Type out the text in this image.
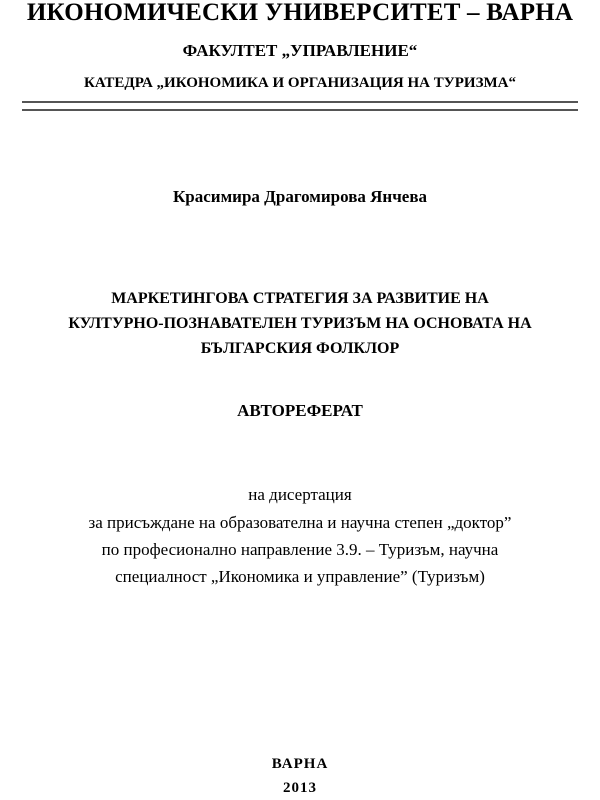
ИКОНОМИЧЕСКИ УНИВЕРСИТЕТ – ВАРНА
ФАКУЛТЕТ „УПРАВЛЕНИЕ“
КАТЕДРА „ИКОНОМИКА И ОРГАНИЗАЦИЯ НА ТУРИЗМА“
Красимира Драгомирова Янчева
МАРКЕТИНГОВА СТРАТЕГИЯ ЗА РАЗВИТИЕ НА
КУЛТУРНО-ПОЗНАВАТЕЛЕН ТУРИЗЪМ НА ОСНОВАТА НА
БЪЛГАРСКИЯ ФОЛКЛОР
АВТОРЕФЕРАТ
на дисертация
за присъждане на образователна и научна степен „доктор”
по професионално направление 3.9. – Туризъм, научна
специалност „Икономика и управление” (Туризъм)
ВАРНА
2013
